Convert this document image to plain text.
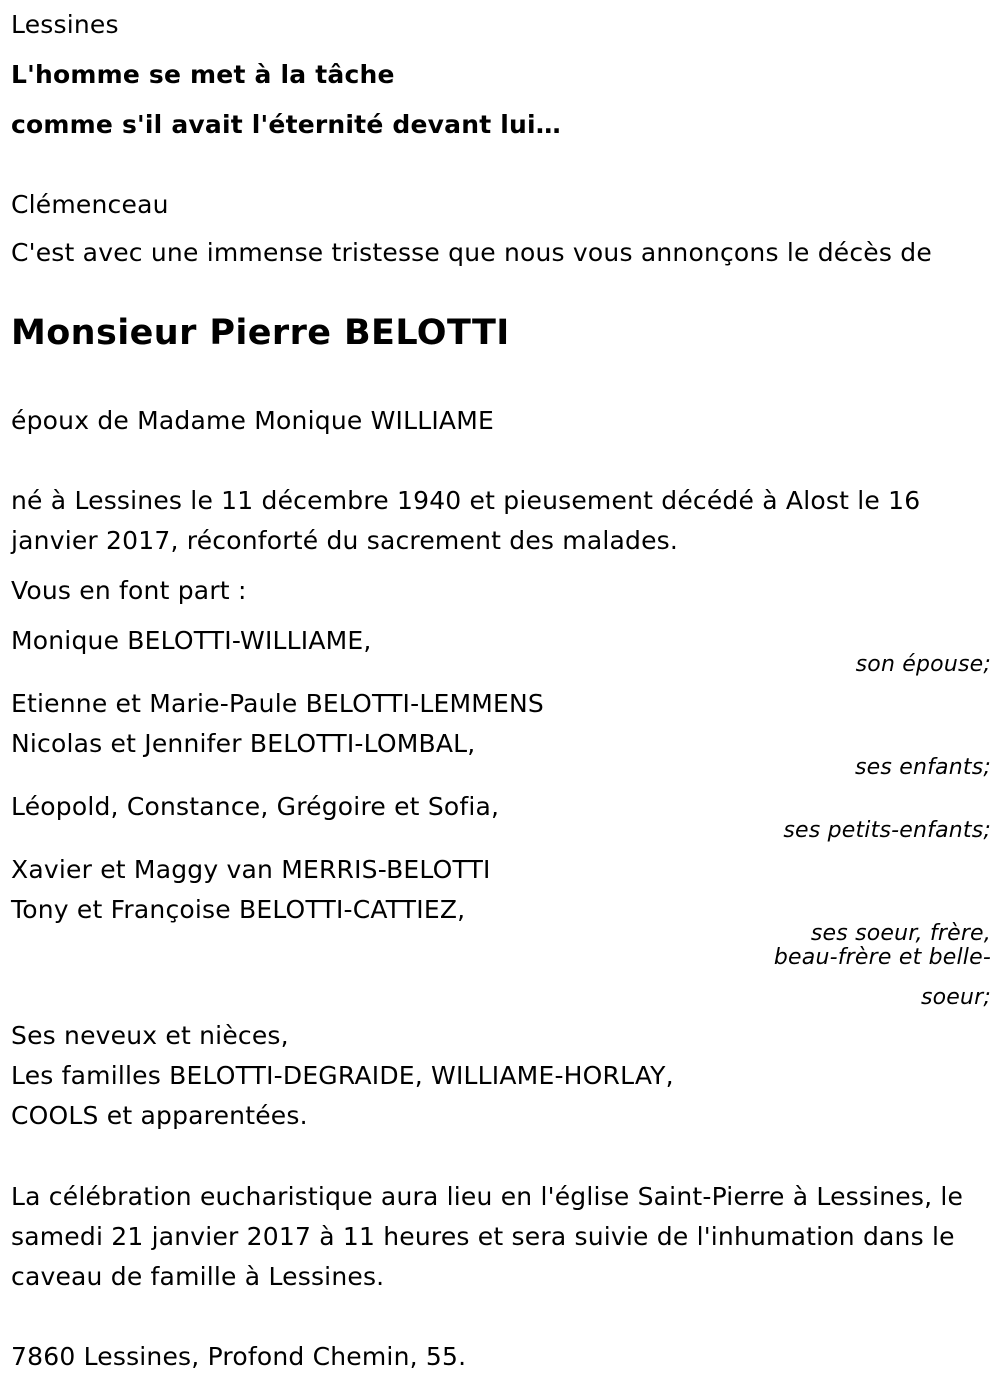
Lessines
L'homme se met à la tâche
comme s'il avait l'éternité devant lui…
Clémenceau
C'est avec une immense tristesse que nous vous annonçons le décès de
Monsieur Pierre BELOTTI
époux de Madame Monique WILLIAME
né à Lessines le 11 décembre 1940 et pieusement décédé à Alost le 16 janvier 2017, réconforté du sacrement des malades.
Vous en font part :
Monique BELOTTI-WILLIAME,
son épouse;
Etienne et Marie-Paule BELOTTI-LEMMENS
Nicolas et Jennifer BELOTTI-LOMBAL,
ses enfants;
Léopold, Constance, Grégoire et Sofia,
ses petits-enfants;
Xavier et Maggy van MERRIS-BELOTTI
Tony et Françoise BELOTTI-CATTIEZ,
ses soeur, frère,
beau-frère et belle-
soeur;
Ses neveux et nièces,
Les familles BELOTTI-DEGRAIDE, WILLIAME-HORLAY,
COOLS et apparentées.
La célébration eucharistique aura lieu en l'église Saint-Pierre à Lessines, le samedi 21 janvier 2017 à 11 heures et sera suivie de l'inhumation dans le caveau de famille à Lessines.
7860 Lessines, Profond Chemin, 55.
